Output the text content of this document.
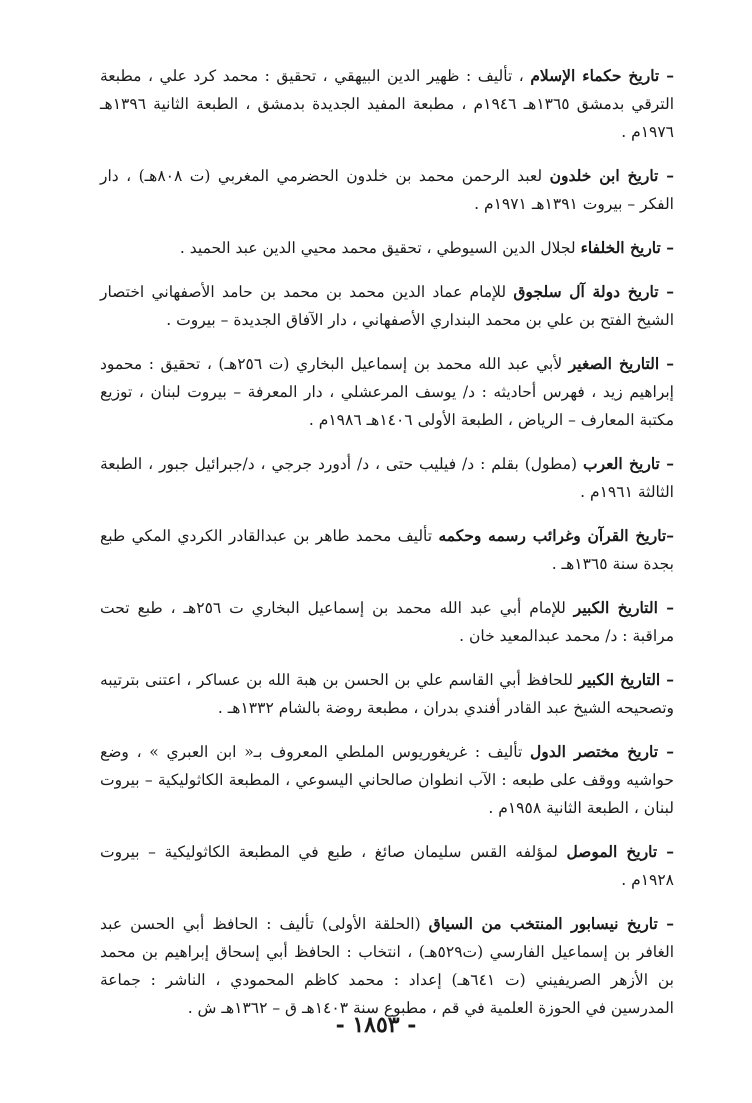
– تاريخ حكماء الإسلام ، تأليف : ظهير الدين البيهقي ، تحقيق : محمد كرد علي ، مطبعة الترقي بدمشق ١٣٦٥هـ ١٩٤٦م ، مطبعة المفيد الجديدة بدمشق ، الطبعة الثانية ١٣٩٦هـ ١٩٧٦م .

– تاريخ ابن خلدون لعبد الرحمن محمد بن خلدون الحضرمي المغربي (ت ٨٠٨هـ) ، دار الفكر – بيروت ١٣٩١هـ ١٩٧١م .

– تاريخ الخلفاء لجلال الدين السيوطي ، تحقيق محمد محيي الدين عبد الحميد .

– تاريخ دولة آل سلجوق للإمام عماد الدين محمد بن محمد بن حامد الأصفهاني اختصار الشيخ الفتح بن علي بن محمد البنداري الأصفهاني ، دار الآفاق الجديدة – بيروت .

– التاريخ الصغير لأبي عبد الله محمد بن إسماعيل البخاري (ت ٢٥٦هـ) ، تحقيق : محمود إبراهيم زيد ، فهرس أحاديثه : د/ يوسف المرعشلي ، دار المعرفة – بيروت لبنان ، توزيع مكتبة المعارف – الرياض ، الطبعة الأولى ١٤٠٦هـ ١٩٨٦م .

– تاريخ العرب (مطول) بقلم : د/ فيليب حتى ، د/ أدورد جرجي ، د/جبرائيل جبور ، الطبعة الثالثة ١٩٦١م .

–تاريخ القرآن وغرائب رسمه وحكمه تأليف محمد طاهر بن عبدالقادر الكردي المكي طبع بجدة سنة ١٣٦٥هـ .

– التاريخ الكبير للإمام أبي عبد الله محمد بن إسماعيل البخاري ت ٢٥٦هـ ، طبع تحت مراقبة : د/ محمد عبدالمعيد خان .

– التاريخ الكبير للحافظ أبي القاسم علي بن الحسن بن هبة الله بن عساكر ، اعتنى بترتيبه وتصحيحه الشيخ عبد القادر أفندي بدران ، مطبعة روضة بالشام ١٣٣٢هـ .

– تاريخ مختصر الدول تأليف : غريغوريوس الملطي المعروف بـ« ابن العبري » ، وضع حواشيه ووقف على طبعه : الآب انطوان صالحاني اليسوعي ، المطبعة الكاثوليكية – بيروت لبنان ، الطبعة الثانية ١٩٥٨م .

– تاريخ الموصل لمؤلفه القس سليمان صائغ ، طبع في المطبعة الكاثوليكية – بيروت ١٩٢٨م .

– تاريخ نيسابور المنتخب من السياق (الحلقة الأولى) تأليف : الحافظ أبي الحسن عبد الغافر بن إسماعيل الفارسي (ت٥٢٩هـ) ، انتخاب : الحافظ أبي إسحاق إبراهيم بن محمد بن الأزهر الصريفيني (ت ٦٤١هـ) إعداد : محمد كاظم المحمودي ، الناشر : جماعة المدرسين في الحوزة العلمية في قم ، مطبوع سنة ١٤٠٣هـ ق – ١٣٦٢هـ ش .

- ١٨٥٣ -
